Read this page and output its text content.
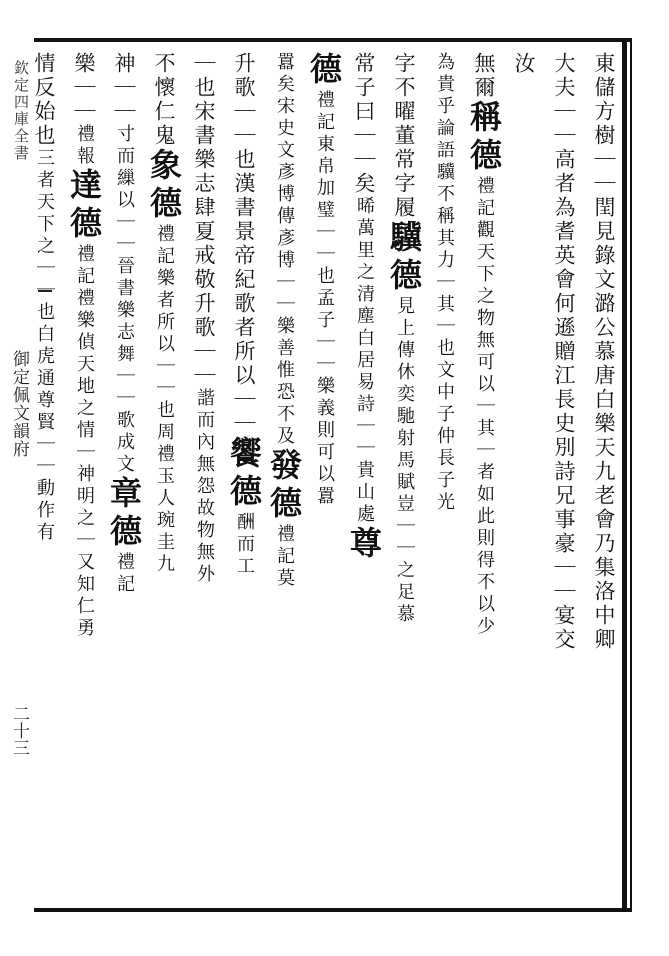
欽定四庫全書
御定佩文韻府
二十三
東儲方樹｜｜閏見錄文潞公慕唐白樂天九老會乃集洛中卿
大夫｜｜高者為耆英會何遜贈江長史別詩兄事豪｜｜宴交
汝
無爾稱德禮記觀天下之物無可以｜其｜者如此則得不以少
為貴乎論語驥不稱其力｜其｜也文中子仲長子光
字不曜董常字履驥德見上傳休奕馳射馬賦豈｜｜之足慕
常子曰｜｜矣晞萬里之清塵白居易詩｜｜貴山處尊
德禮記東帛加璧｜｜也孟子｜｜樂義則可以囂
囂矣宋史文彥博傳彥博｜｜樂善惟恐不及發德禮記莫
升歌｜｜也漢書景帝紀歌者所以｜｜饗德酬而工
｜也宋書樂志肆夏戒敬升歌｜｜諧而內無怨故物無外
不懷仁鬼象德禮記樂者所以｜｜也周禮玉人琬圭九
神｜｜寸而繅以｜｜晉書樂志舞｜｜歌成文章德禮記
樂｜｜禮報達德禮記禮樂偵天地之情｜神明之｜又知仁勇
情反始也三者天下之｜｜也白虎通尊賢｜｜動作有
